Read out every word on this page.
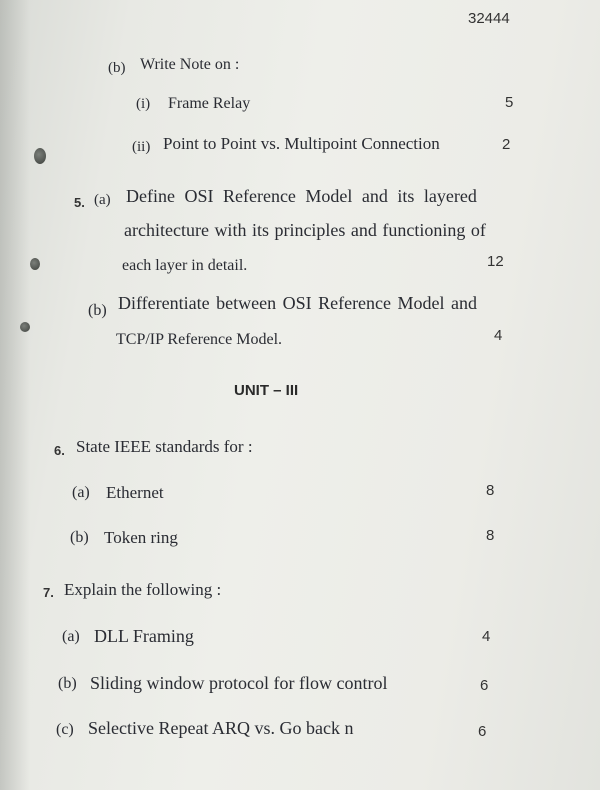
32444
(b) Write Note on :
(i) Frame Relay	5
(ii) Point to Point vs. Multipoint Connection	2
5. (a) Define OSI Reference Model and its layered
architecture with its principles and functioning of
each layer in detail.	12
(b) Differentiate between OSI Reference Model and
TCP/IP Reference Model.	4
UNIT – III
6. State IEEE standards for :
(a) Ethernet	8
(b) Token ring	8
7. Explain the following :
(a) DLL Framing	4
(b) Sliding window protocol for flow control	6
(c) Selective Repeat ARQ vs. Go back n	6
